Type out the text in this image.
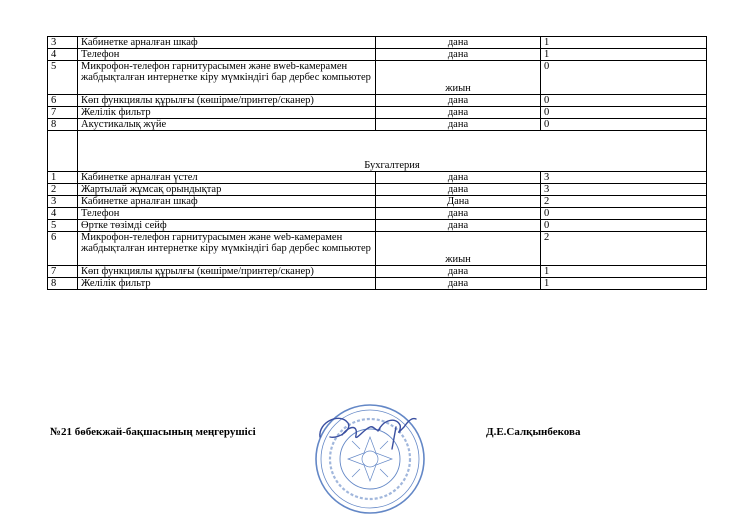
3	Кабинетке арналған шкаф	дана	1
4	Телефон	дана	1
5	Микрофон-телефон гарнитурасымен және вweb-камерамен жабдықталған интернетке кіру мүмкіндігі бар дербес компьютер	жиын	0
6	Көп функциялы құрылғы (көшірме/принтер/сканер)	дана	0
7	Желілік фильтр	дана	0
8	Акустикалық жүйе	дана	0
	Бухгалтерия		
1	Кабинетке арналған үстел	дана	3
2	Жартылай жұмсақ орындықтар	дана	3
3	Кабинетке арналған шкаф	Дана	2
4	Телефон	дана	0
5	Өртке төзімді сейф	дана	0
6	Микрофон-телефон гарнитурасымен және web-камерамен жабдықталған интернетке кіру мүмкіндігі бар дербес компьютер	жиын	2
7	Көп функциялы құрылғы (көшірме/принтер/сканер)	дана	1
8	Желілік фильтр	дана	1
№21 бөбекжай-бақшасының меңгерушісі	Д.Е.Салқынбекова
